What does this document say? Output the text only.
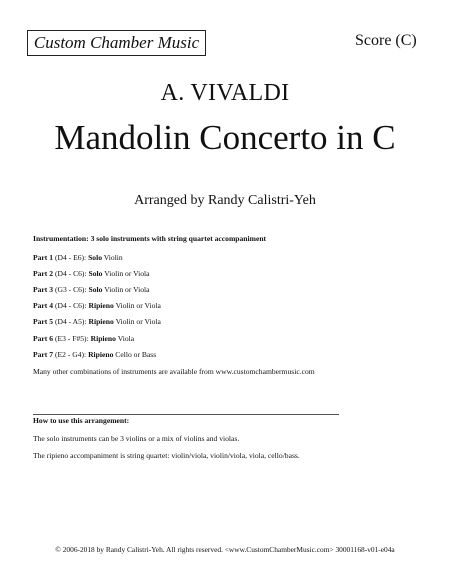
Custom Chamber Music	Score (C)
A. VIVALDI
Mandolin Concerto in C
Arranged by Randy Calistri-Yeh
Instrumentation: 3 solo instruments with string quartet accompaniment
Part 1 (D4 - E6): Solo Violin
Part 2 (D4 - C6): Solo Violin or Viola
Part 3 (G3 - C6): Solo Violin or Viola
Part 4 (D4 - C6): Ripieno Violin or Viola
Part 5 (D4 - A5): Ripieno Violin or Viola
Part 6 (E3 - F#5): Ripieno Viola
Part 7 (E2 - G4): Ripieno Cello or Bass
Many other combinations of instruments are available from www.customchambermusic.com
How to use this arrangement:
The solo instruments can be 3 violins or a mix of violins and violas.
The ripieno accompaniment is string quartet: violin/viola, violin/viola, viola, cello/bass.
© 2006-2018 by Randy Calistri-Yeh. All rights reserved. <www.CustomChamberMusic.com> 30001168-v01-e04a
